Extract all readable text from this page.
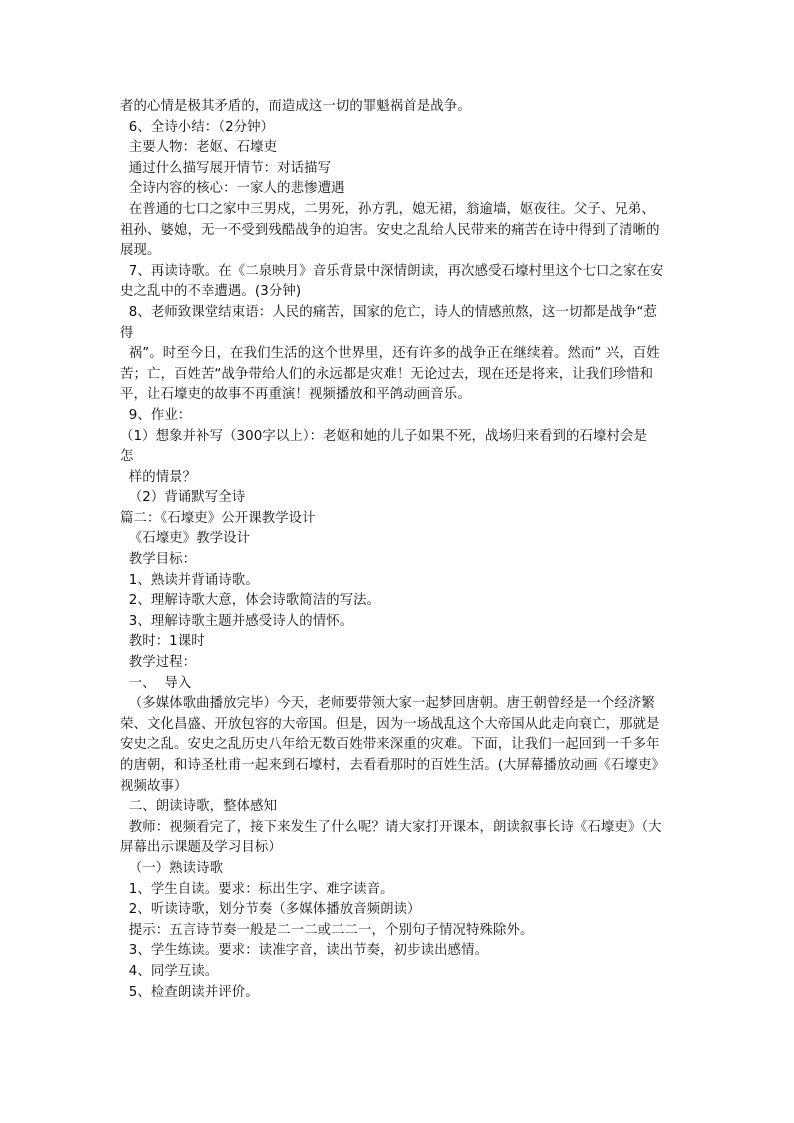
者的心情是极其矛盾的，而造成这一切的罪魁祸首是战争。
6、全诗小结：（2分钟）
主要人物：老妪、石壕吏
通过什么描写展开情节：对话描写
全诗内容的核心：一家人的悲惨遭遇
在普通的七口之家中三男戍，二男死，孙方乳，媳无裙，翁逾墙，妪夜往。父子、兄弟、
祖孙、婆媳，无一不受到残酷战争的迫害。安史之乱给人民带来的痛苦在诗中得到了清晰的
展现。
7、再读诗歌。在《二泉映月》音乐背景中深情朗读，再次感受石壕村里这个七口之家在安
史之乱中的不幸遭遇。(3分钟)
8、老师致课堂结束语：人民的痛苦，国家的危亡，诗人的情感煎熬，这一切都是战争“惹
得
祸”。时至今日，在我们生活的这个世界里，还有许多的战争正在继续着。然而” 兴，百姓
苦；亡，百姓苦“战争带给人们的永远都是灾难！无论过去，现在还是将来，让我们珍惜和
平，让石壕吏的故事不再重演！视频播放和平鸽动画音乐。
9、作业：
（1）想象并补写（300字以上）：老妪和她的儿子如果不死，战场归来看到的石壕村会是
怎
样的情景？
（2）背诵默写全诗
篇二：《石壕吏》公开课教学设计
《石壕吏》教学设计
教学目标：
1、熟读并背诵诗歌。
2、理解诗歌大意，体会诗歌简洁的写法。
3、理解诗歌主题并感受诗人的情怀。
教时：1课时
教学过程：
一、  导入
（多媒体歌曲播放完毕）今天，老师要带领大家一起梦回唐朝。唐王朝曾经是一个经济繁
荣、文化昌盛、开放包容的大帝国。但是，因为一场战乱这个大帝国从此走向衰亡，那就是
安史之乱。安史之乱历史八年给无数百姓带来深重的灾难。下面，让我们一起回到一千多年
的唐朝，和诗圣杜甫一起来到石壕村，去看看那时的百姓生活。(大屏幕播放动画《石壕吏》
视频故事）
二、朗读诗歌，整体感知
教师：视频看完了，接下来发生了什么呢？请大家打开课本，朗读叙事长诗《石壕吏》（大
屏幕出示课题及学习目标）
（一）熟读诗歌
1、学生自读。要求：标出生字、难字读音。
2、听读诗歌，划分节奏（多媒体播放音频朗读）
提示：五言诗节奏一般是二一二或二二一，个别句子情况特殊除外。
3、学生练读。要求：读准字音，读出节奏，初步读出感情。
4、同学互读。
5、检查朗读并评价。
